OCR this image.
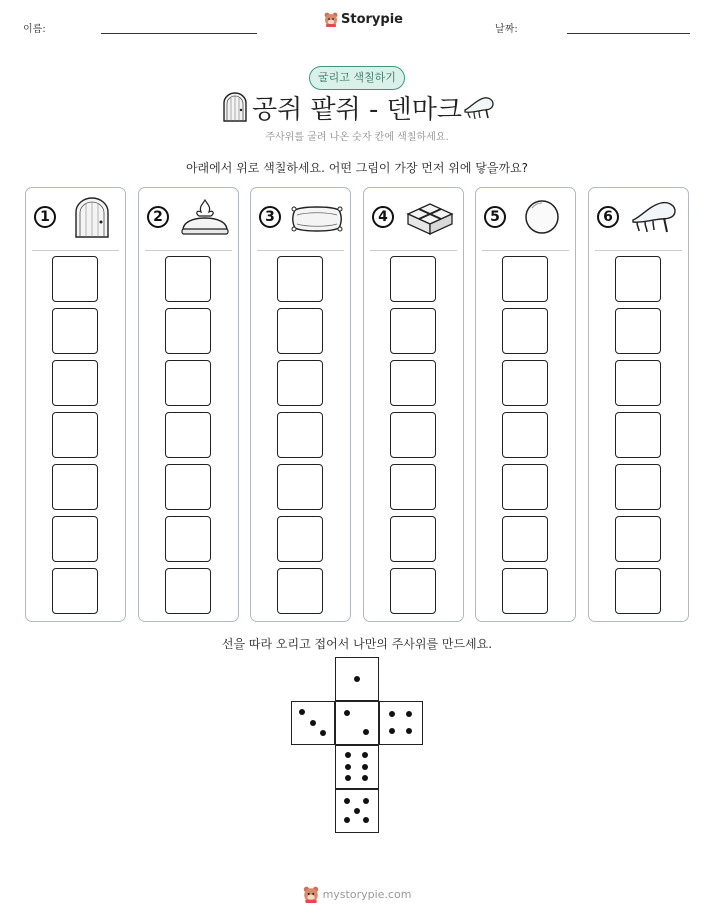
이름:
Storypie
날짜:
굴리고 색칠하기
공쥐 팥쥐 - 덴마크
주사위를 굴려 나온 숫자 칸에 색칠하세요.
아래에서 위로 색칠하세요. 어떤 그림이 가장 먼저 위에 닿을까요?
1	2	3	4	5	6
선을 따라 오리고 접어서 나만의 주사위를 만드세요.
mystorypie.com
